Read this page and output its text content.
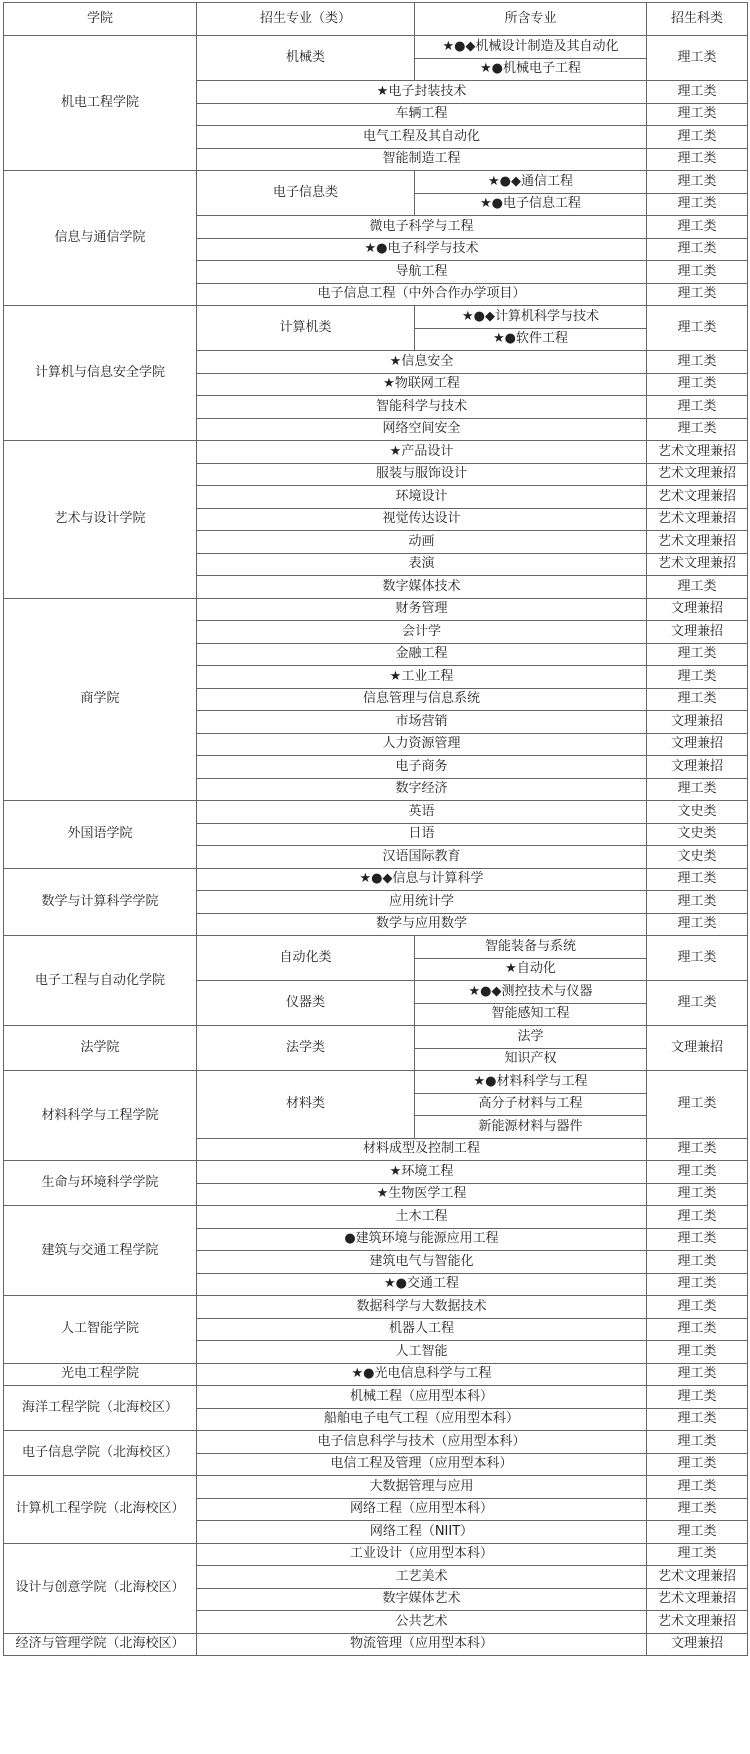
学院	招生专业（类）	所含专业	招生科类
机电工程学院	机械类	★●◆机械设计制造及其自动化	理工类
		★●机械电子工程	
	★电子封装技术		理工类
	车辆工程		理工类
	电气工程及其自动化		理工类
	智能制造工程		理工类
信息与通信学院	电子信息类	★●◆通信工程	理工类
		★●电子信息工程	理工类
	微电子科学与工程		理工类
	★●电子科学与技术		理工类
	导航工程		理工类
	电子信息工程（中外合作办学项目）		理工类
计算机与信息安全学院	计算机类	★●◆计算机科学与技术	理工类
		★●软件工程	
	★信息安全		理工类
	★物联网工程		理工类
	智能科学与技术		理工类
	网络空间安全		理工类
艺术与设计学院	★产品设计		艺术文理兼招
	服装与服饰设计		艺术文理兼招
	环境设计		艺术文理兼招
	视觉传达设计		艺术文理兼招
	动画		艺术文理兼招
	表演		艺术文理兼招
	数字媒体技术		理工类
商学院	财务管理		文理兼招
	会计学		文理兼招
	金融工程		理工类
	★工业工程		理工类
	信息管理与信息系统		理工类
	市场营销		文理兼招
	人力资源管理		文理兼招
	电子商务		文理兼招
	数字经济		理工类
外国语学院	英语		文史类
	日语		文史类
	汉语国际教育		文史类
数学与计算科学学院	★●◆信息与计算科学		理工类
	应用统计学		理工类
	数学与应用数学		理工类
电子工程与自动化学院	自动化类	智能装备与系统	理工类
		★自动化	
	仪器类	★●◆测控技术与仪器	理工类
		智能感知工程	
法学院	法学类	法学	文理兼招
		知识产权	
材料科学与工程学院	材料类	★●材料科学与工程	理工类
		高分子材料与工程	
		新能源材料与器件	
	材料成型及控制工程		理工类
生命与环境科学学院	★环境工程		理工类
	★生物医学工程		理工类
建筑与交通工程学院	土木工程		理工类
	●建筑环境与能源应用工程		理工类
	建筑电气与智能化		理工类
	★●交通工程		理工类
人工智能学院	数据科学与大数据技术		理工类
	机器人工程		理工类
	人工智能		理工类
光电工程学院	★●光电信息科学与工程		理工类
海洋工程学院（北海校区）	机械工程（应用型本科）		理工类
	船舶电子电气工程（应用型本科）		理工类
电子信息学院（北海校区）	电子信息科学与技术（应用型本科）		理工类
	电信工程及管理（应用型本科）		理工类
计算机工程学院（北海校区）	大数据管理与应用		理工类
	网络工程（应用型本科）		理工类
	网络工程（NIIT）		理工类
设计与创意学院（北海校区）	工业设计（应用型本科）		理工类
	工艺美术		艺术文理兼招
	数字媒体艺术		艺术文理兼招
	公共艺术		艺术文理兼招
经济与管理学院（北海校区）	物流管理（应用型本科）		文理兼招
